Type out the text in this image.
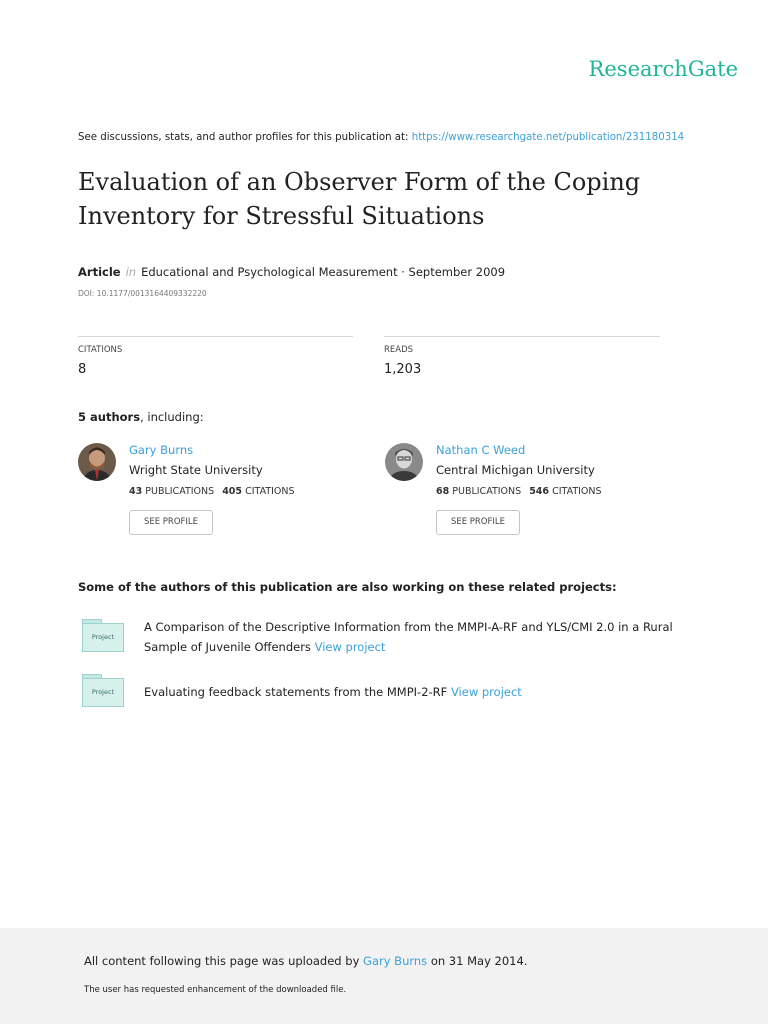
ResearchGate
See discussions, stats, and author profiles for this publication at: https://www.researchgate.net/publication/231180314
Evaluation of an Observer Form of the Coping Inventory for Stressful Situations
Article in Educational and Psychological Measurement · September 2009
DOI: 10.1177/0013164409332220
CITATIONS
8
READS
1,203
5 authors, including:
Gary Burns
Wright State University
43 PUBLICATIONS 405 CITATIONS
SEE PROFILE
Nathan C Weed
Central Michigan University
68 PUBLICATIONS 546 CITATIONS
SEE PROFILE
Some of the authors of this publication are also working on these related projects:
Project
A Comparison of the Descriptive Information from the MMPI-A-RF and YLS/CMI 2.0 in a Rural Sample of Juvenile Offenders View project
Project	Evaluating feedback statements from the MMPI-2-RF View project
All content following this page was uploaded by Gary Burns on 31 May 2014.
The user has requested enhancement of the downloaded file.
